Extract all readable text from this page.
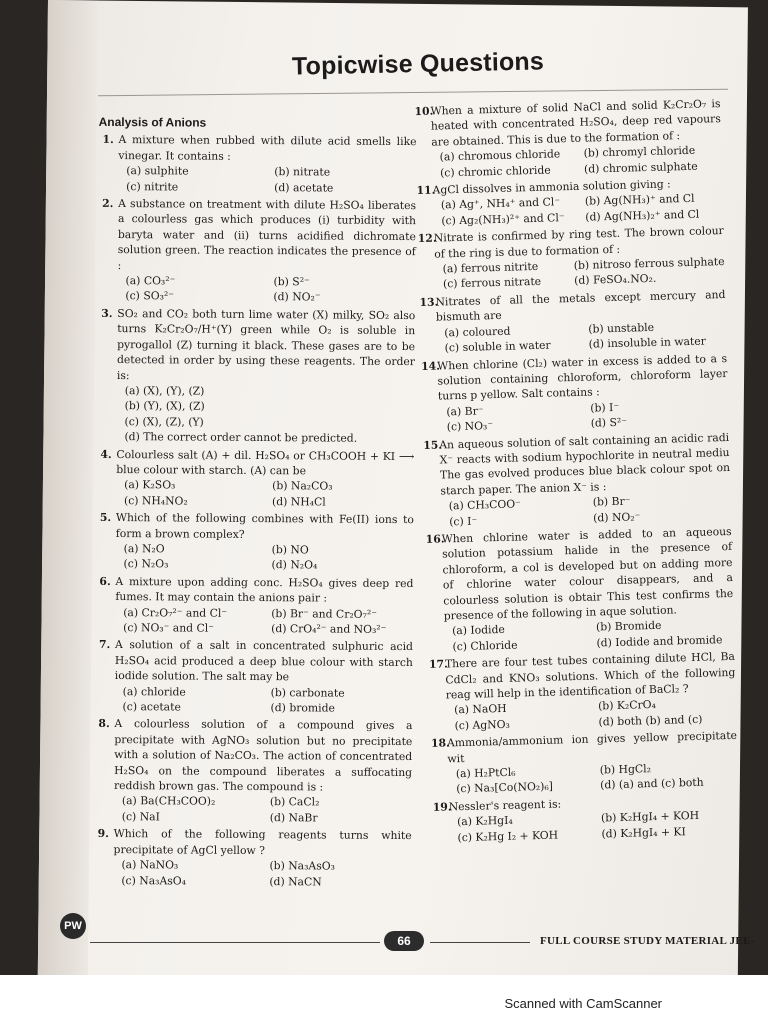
Topicwise Questions
Analysis of Anions
1. A mixture when rubbed with dilute acid smells like vinegar. It contains :
(a) sulphite	(b) nitrate
(c) nitrite	(d) acetate
2. A substance on treatment with dilute H₂SO₄ liberates a colourless gas which produces (i) turbidity with baryta water and (ii) turns acidified dichromate solution green. The reaction indicates the presence of :
(a) CO₃²⁻	(b) S²⁻
(c) SO₃²⁻	(d) NO₂⁻
3. SO₂ and CO₂ both turn lime water (X) milky, SO₂ also turns K₂Cr₂O₇/H⁺(Y) green while O₂ is soluble in pyrogallol (Z) turning it black. These gases are to be detected in order by using these reagents. The order is:
(a) (X), (Y), (Z)
(b) (Y), (X), (Z)
(c) (X), (Z), (Y)
(d) The correct order cannot be predicted.
4. Colourless salt (A) + dil. H₂SO₄ or CH₃COOH + KI ⟶ blue colour with starch. (A) can be
(a) K₂SO₃	(b) Na₂CO₃
(c) NH₄NO₂	(d) NH₄Cl
5. Which of the following combines with Fe(II) ions to form a brown complex?
(a) N₂O	(b) NO
(c) N₂O₃	(d) N₂O₄
6. A mixture upon adding conc. H₂SO₄ gives deep red fumes. It may contain the anions pair :
(a) Cr₂O₇²⁻ and Cl⁻	(b) Br⁻ and Cr₂O₇²⁻
(c) NO₃⁻ and Cl⁻	(d) CrO₄²⁻ and NO₃²⁻
7. A solution of a salt in concentrated sulphuric acid H₂SO₄ acid produced a deep blue colour with starch iodide solution. The salt may be
(a) chloride	(b) carbonate
(c) acetate	(d) bromide
8. A colourless solution of a compound gives a precipitate with AgNO₃ solution but no precipitate with a solution of Na₂CO₃. The action of concentrated H₂SO₄ on the compound liberates a suffocating reddish brown gas. The compound is :
(a) Ba(CH₃COO)₂	(b) CaCl₂
(c) NaI	(d) NaBr
9. Which of the following reagents turns white precipitate of AgCl yellow ?
(a) NaNO₃	(b) Na₃AsO₃
(c) Na₃AsO₄	(d) NaCN
10.
When a mixture of solid NaCl and solid K₂Cr₂O₇ is heated with concentrated H₂SO₄, deep red vapours are obtained. This is due to the formation of :
(a) chromous chloride	(b) chromyl chloride
(c) chromic chloride	(d) chromic sulphate
11.
AgCl dissolves in ammonia solution giving :
(a) Ag⁺, NH₄⁺ and Cl⁻	(b) Ag(NH₃)⁺ and Cl
(c) Ag₂(NH₃)²⁺ and Cl⁻	(d) Ag(NH₃)₂⁺ and Cl
12.
Nitrate is confirmed by ring test. The brown colour of the ring is due to formation of :
(a) ferrous nitrite	(b) nitroso ferrous sulphate
(c) ferrous nitrate	(d) FeSO₄.NO₂.
13.
Nitrates of all the metals except mercury and bismuth are
(a) coloured	(b) unstable
(c) soluble in water	(d) insoluble in water
14.
When chlorine (Cl₂) water in excess is added to a s solution containing chloroform, chloroform layer turns p yellow. Salt contains :
(a) Br⁻	(b) I⁻
(c) NO₃⁻	(d) S²⁻
15.
An aqueous solution of salt containing an acidic radi X⁻ reacts with sodium hypochlorite in neutral mediu The gas evolved produces blue black colour spot on starch paper. The anion X⁻ is :
(a) CH₃COO⁻	(b) Br⁻
(c) I⁻	(d) NO₂⁻
16.
When chlorine water is added to an aqueous solution potassium halide in the presence of chloroform, a col is developed but on adding more of chlorine water colour disappears, and a colourless solution is obtair This test confirms the presence of the following in aque solution.
(a) Iodide	(b) Bromide
(c) Chloride	(d) Iodide and bromide
17.
There are four test tubes containing dilute HCl, Ba CdCl₂ and KNO₃ solutions. Which of the following reag will help in the identification of BaCl₂ ?
(a) NaOH	(b) K₂CrO₄
(c) AgNO₃	(d) both (b) and (c)
18.
Ammonia/ammonium ion gives yellow precipitate wit
(a) H₂PtCl₆	(b) HgCl₂
(c) Na₃[Co(NO₂)₆]	(d) (a) and (c) both
19.
Nessler's reagent is:
(a) K₂HgI₄	(b) K₂HgI₄ + KOH
(c) K₂Hg I₂ + KOH	(d) K₂HgI₄ + KI
PW
66	FULL COURSE STUDY MATERIAL JEE-
Scanned with CamScanner
